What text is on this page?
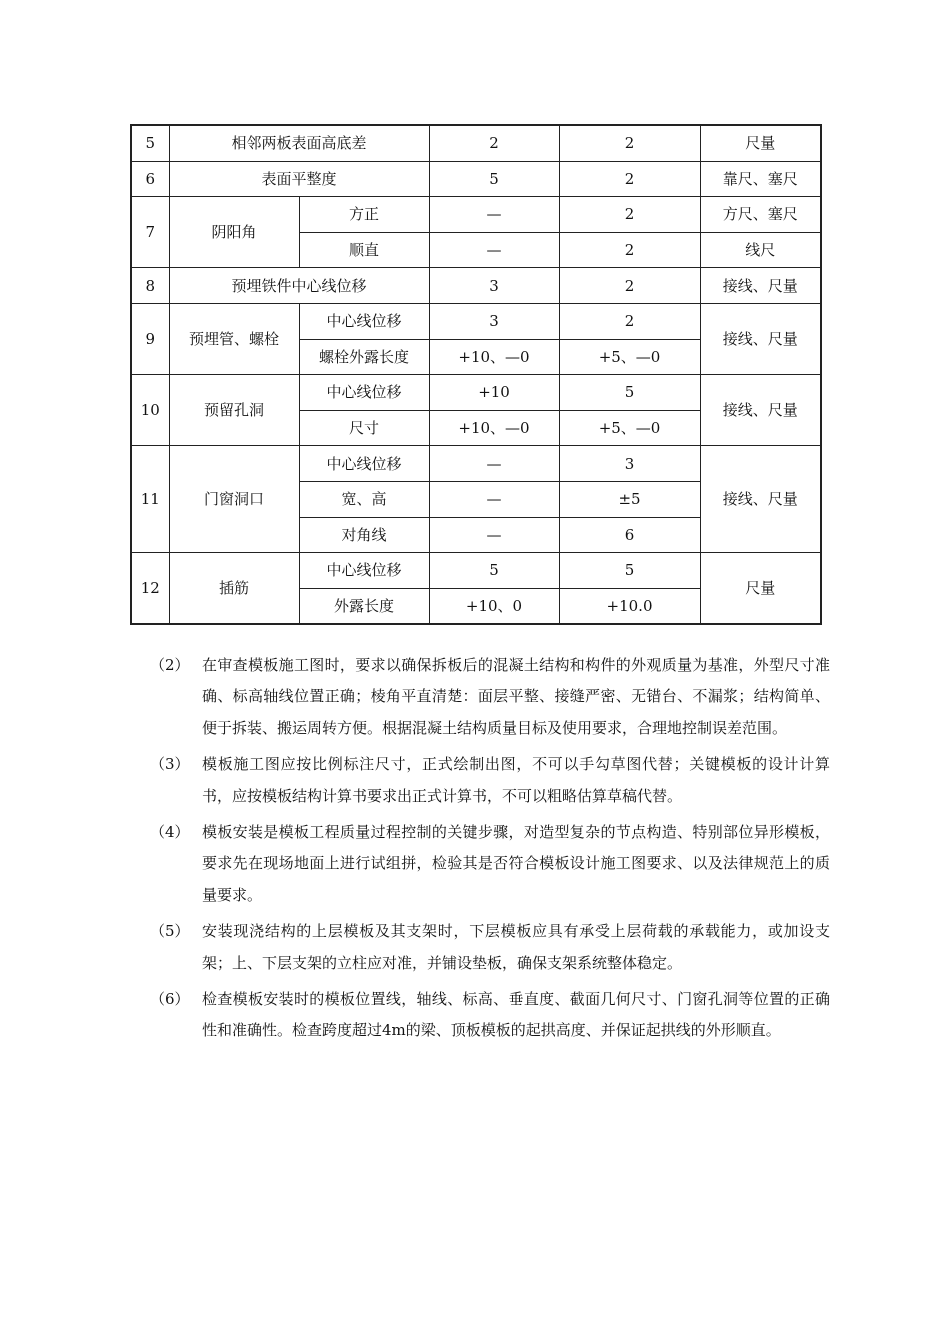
5	相邻两板表面高底差		2	2	尺量
6	表面平整度		5	2	靠尺、塞尺
7	阴阳角	方正	—	2	方尺、塞尺
		顺直	—	2	线尺
8	预埋铁件中心线位移		3	2	接线、尺量
9	预埋管、螺栓	中心线位移	3	2	接线、尺量
		螺栓外露长度	+10、—0	+5、—0	
10	预留孔洞	中心线位移	+10	5	接线、尺量
		尺寸	+10、—0	+5、—0	
11	门窗洞口	中心线位移	—	3	接线、尺量
		宽、高	—	±5	
		对角线	—	6	
12	插筋	中心线位移	5	5	尺量
		外露长度	+10、0	+10.0	
（2） 在审查模板施工图时，要求以确保拆板后的混凝土结构和构件的外观质量为基准，外型尺寸准确、标高轴线位置正确；棱角平直清楚：面层平整、接缝严密、无错台、不漏浆；结构简单、便于拆装、搬运周转方便。根据混凝土结构质量目标及使用要求，合理地控制误差范围。
（3） 模板施工图应按比例标注尺寸，正式绘制出图，不可以手勾草图代替；关键模板的设计计算书，应按模板结构计算书要求出正式计算书，不可以粗略估算草稿代替。
（4） 模板安装是模板工程质量过程控制的关键步骤，对造型复杂的节点构造、特别部位异形模板，要求先在现场地面上进行试组拼，检验其是否符合模板设计施工图要求、以及法律规范上的质量要求。
（5） 安装现浇结构的上层模板及其支架时，下层模板应具有承受上层荷载的承载能力，或加设支架；上、下层支架的立柱应对准，并铺设垫板，确保支架系统整体稳定。
（6） 检查模板安装时的模板位置线，轴线、标高、垂直度、截面几何尺寸、门窗孔洞等位置的正确性和准确性。检查跨度超过4m的梁、顶板模板的起拱高度、并保证起拱线的外形顺直。
